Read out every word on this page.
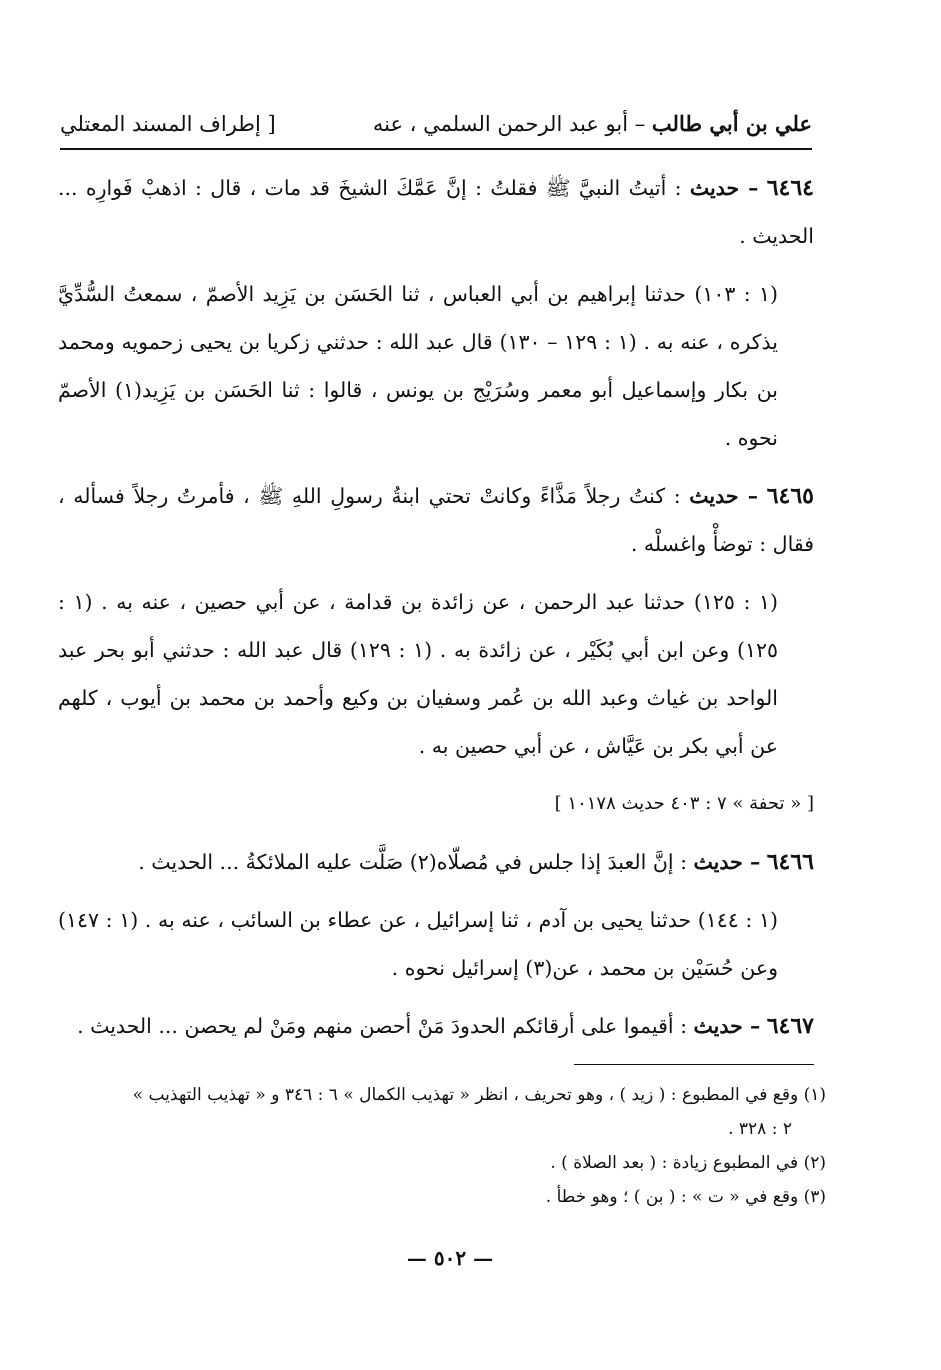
علي بن أبي طالب – أبو عبد الرحمن السلمي ، عنه
[ إطراف المسند المعتلي

٦٤٦٤ – حديث : أتيتُ النبيَّ ﷺ فقلتُ : إنَّ عَمَّكَ الشيخَ قد مات ، قال : اذهبْ فَوارِه ... الحديث .

(١ : ١٠٣) حدثنا إبراهيم بن أبي العباس ، ثنا الحَسَن بن يَزِيد الأصمّ ، سمعتُ السُّدِّيَّ يذكره ، عنه به . (١ : ١٢٩ – ١٣٠) قال عبد الله : حدثني زكريا بن يحيى زحمويه ومحمد بن بكار وإسماعيل أبو معمر وسُرَيْج بن يونس ، قالوا : ثنا الحَسَن بن يَزِيد(١) الأصمّ نحوه .

٦٤٦٥ – حديث : كنتُ رجلاً مَذَّاءً وكانتْ تحتي ابنةُ رسولِ اللهِ ﷺ ، فأمرتُ رجلاً فسأله ، فقال : توضأْ واغسلْه .

(١ : ١٢٥) حدثنا عبد الرحمن ، عن زائدة بن قدامة ، عن أبي حصين ، عنه به . (١ : ١٢٥) وعن ابن أبي بُكَيْر ، عن زائدة به . (١ : ١٢٩) قال عبد الله : حدثني أبو بحر عبد الواحد بن غياث وعبد الله بن عُمر وسفيان بن وكيع وأحمد بن محمد بن أيوب ، كلهم عن أبي بكر بن عَيَّاش ، عن أبي حصين به .

[ « تحفة » ٧ : ٤٠٣ حديث ١٠١٧٨ ]

٦٤٦٦ – حديث : إنَّ العبدَ إذا جلس في مُصلّاه(٢) صَلَّت عليه الملائكةُ ... الحديث .

(١ : ١٤٤) حدثنا يحيى بن آدم ، ثنا إسرائيل ، عن عطاء بن السائب ، عنه به . (١ : ١٤٧) وعن حُسَيْن بن محمد ، عن(٣) إسرائيل نحوه .

٦٤٦٧ – حديث : أقيموا على أرقائكم الحدودَ مَنْ أحصن منهم ومَنْ لم يحصن ... الحديث .

(١) وقع في المطبوع : ( زيد ) ، وهو تحريف ، انظر « تهذيب الكمال » ٦ : ٣٤٦ و « تهذيب التهذيب »

٢ : ٣٢٨ .

(٢) في المطبوع زيادة : ( بعد الصلاة ) .

(٣) وقع في « ت » : ( بن ) ؛ وهو خطأ .

— ٥٠٢ —
